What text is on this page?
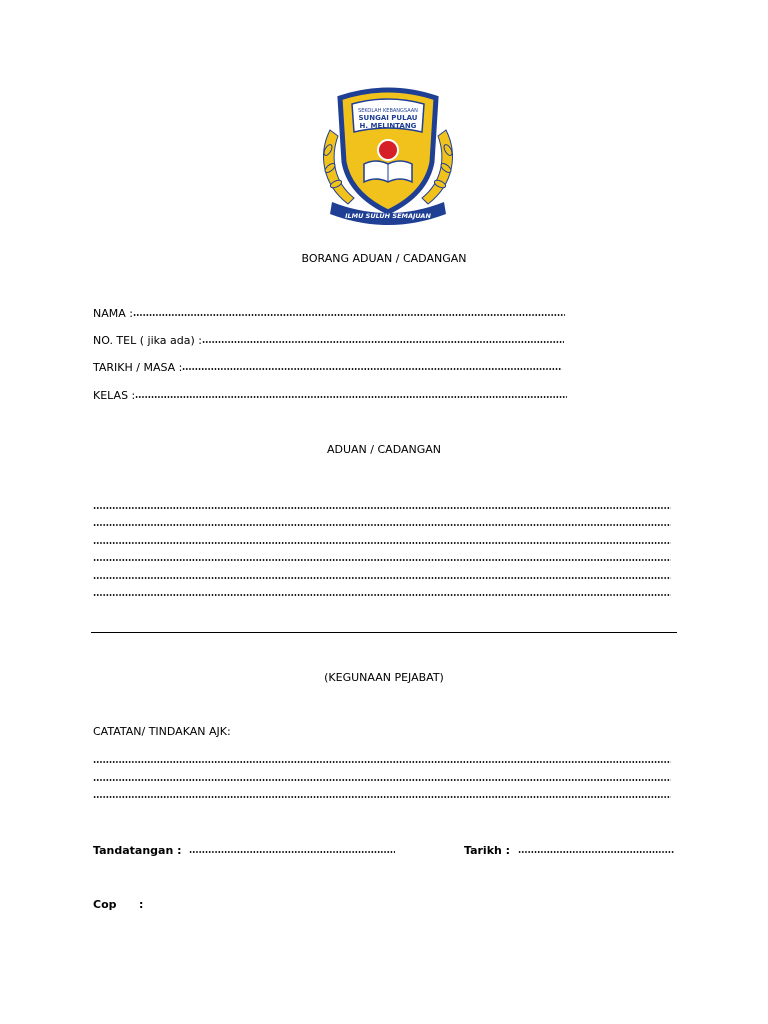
SEKOLAH KEBANGSAAN
SUNGAI PULAU
H. MELINTANG
ILMU SULUH SEMAJUAN
BORANG ADUAN / CADANGAN
NAMA :
NO. TEL ( jika ada) :
TARIKH / MASA :
KELAS :
ADUAN / CADANGAN
(KEGUNAAN PEJABAT)
CATATAN/ TINDAKAN AJK:
Tandatangan :	Tarikh :
Cop :
